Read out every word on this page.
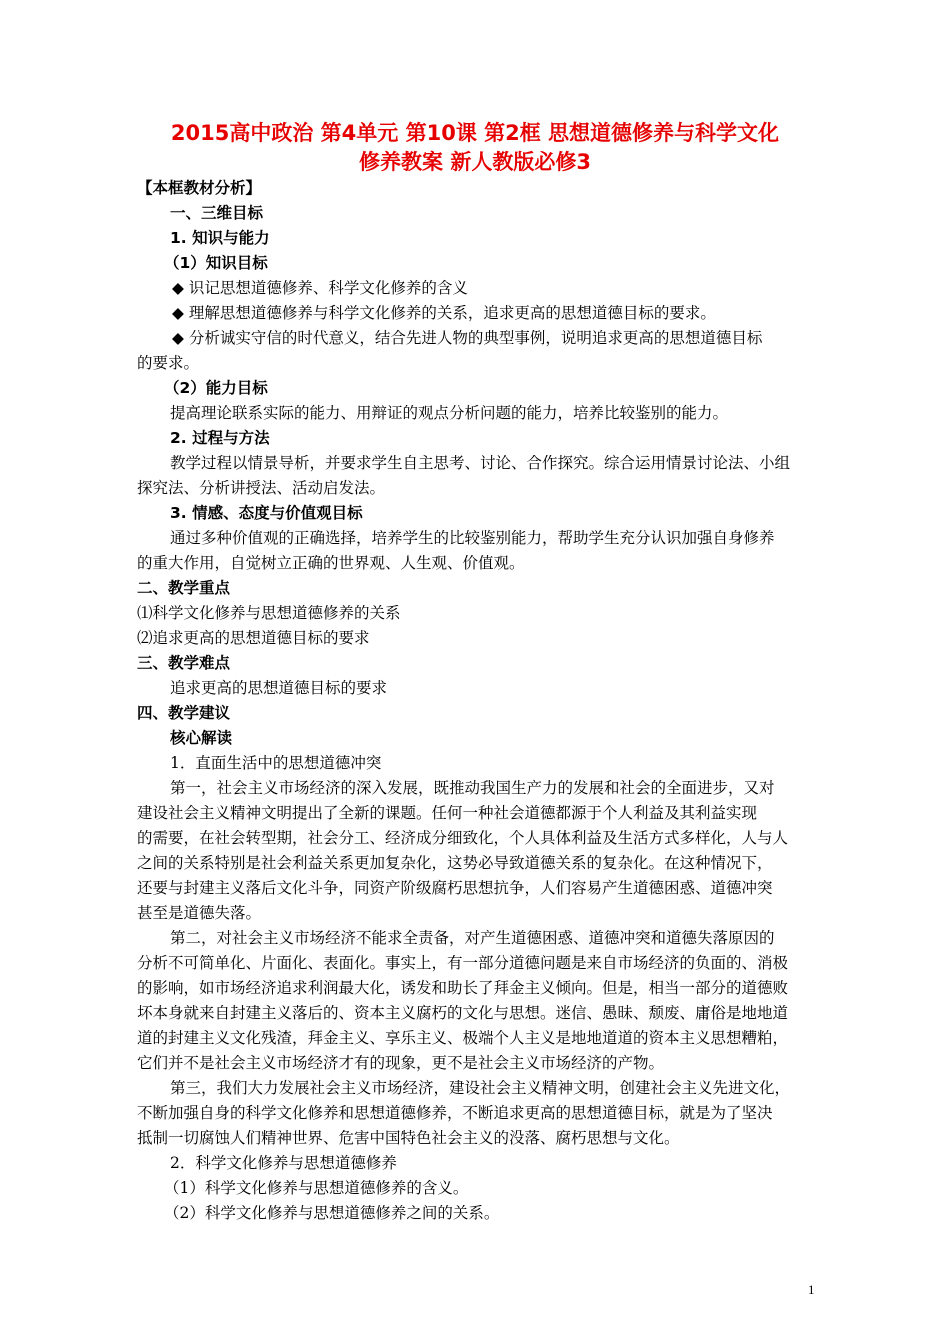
2015高中政治 第4单元 第10课 第2框 思想道德修养与科学文化
修养教案 新人教版必修3
【本框教材分析】
一、三维目标
1. 知识与能力
（1）知识目标
◆ 识记思想道德修养、科学文化修养的含义
◆ 理解思想道德修养与科学文化修养的关系，追求更高的思想道德目标的要求。
◆ 分析诚实守信的时代意义，结合先进人物的典型事例，说明追求更高的思想道德目标
的要求。
（2）能力目标
提高理论联系实际的能力、用辩证的观点分析问题的能力，培养比较鉴别的能力。
2. 过程与方法
教学过程以情景导析，并要求学生自主思考、讨论、合作探究。综合运用情景讨论法、小组
探究法、分析讲授法、活动启发法。
3. 情感、态度与价值观目标
通过多种价值观的正确选择，培养学生的比较鉴别能力，帮助学生充分认识加强自身修养
的重大作用，自觉树立正确的世界观、人生观、价值观。
二、教学重点
⑴科学文化修养与思想道德修养的关系
⑵追求更高的思想道德目标的要求
三、教学难点
追求更高的思想道德目标的要求
四、教学建议
核心解读
1．直面生活中的思想道德冲突
第一，社会主义市场经济的深入发展，既推动我国生产力的发展和社会的全面进步，又对
建设社会主义精神文明提出了全新的课题。任何一种社会道德都源于个人利益及其利益实现
的需要，在社会转型期，社会分工、经济成分细致化，个人具体利益及生活方式多样化，人与人
之间的关系特别是社会利益关系更加复杂化，这势必导致道德关系的复杂化。在这种情况下，
还要与封建主义落后文化斗争，同资产阶级腐朽思想抗争，人们容易产生道德困惑、道德冲突
甚至是道德失落。
第二，对社会主义市场经济不能求全责备，对产生道德困惑、道德冲突和道德失落原因的
分析不可简单化、片面化、表面化。事实上，有一部分道德问题是来自市场经济的负面的、消极
的影响，如市场经济追求利润最大化，诱发和助长了拜金主义倾向。但是，相当一部分的道德败
坏本身就来自封建主义落后的、资本主义腐朽的文化与思想。迷信、愚昧、颓废、庸俗是地地道
道的封建主义文化残渣，拜金主义、享乐主义、极端个人主义是地地道道的资本主义思想糟粕，
它们并不是社会主义市场经济才有的现象，更不是社会主义市场经济的产物。
第三，我们大力发展社会主义市场经济，建设社会主义精神文明，创建社会主义先进文化，
不断加强自身的科学文化修养和思想道德修养，不断追求更高的思想道德目标，就是为了坚决
抵制一切腐蚀人们精神世界、危害中国特色社会主义的没落、腐朽思想与文化。
2．科学文化修养与思想道德修养
（1）科学文化修养与思想道德修养的含义。
（2）科学文化修养与思想道德修养之间的关系。
1
